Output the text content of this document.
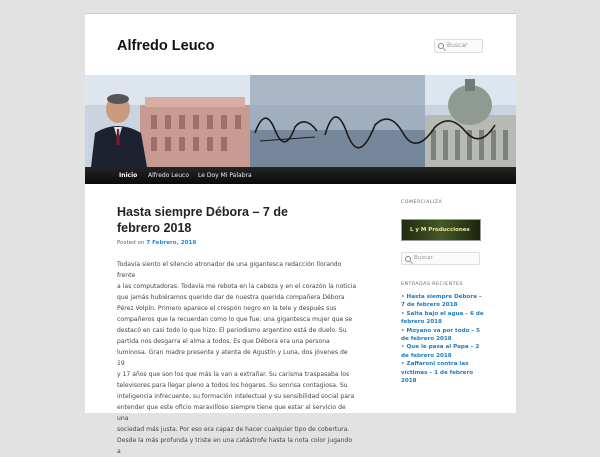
Alfredo Leuco	Buscar
Inicio Alfredo Leuco Le Doy Mi Palabra
Hasta siempre Débora – 7 de
febrero 2018
Posted on 7 Febrero, 2018

Todavía siento el silencio atronador de una gigantesca redacción llorando frente

a las computadoras. Todavía me rebota en la cabeza y en el corazón la noticia

que jamás hubiéramos querido dar de nuestra querida compañera Débora

Pérez Volpin. Primero aparece el crespón negro en la tele y después sus

compañeros que la recuerdan como lo que fue: una gigantesca mujer que se

destacó en casi todo lo que hizo. El periodismo argentino está de duelo. Su

partida nos desgarra el alma a todos. Es que Débora era una persona

luminosa. Gran madre presente y atenta de Agustín y Luna, dos jóvenes de 19

y 17 años que son los que más la van a extrañar. Su carisma traspasaba los

televisores para llegar pleno a todos los hogares. Su sonrisa contagiosa. Su

inteligencia infrecuente, su formación intelectual y su sensibilidad social para

entender que este oficio maravilloso siempre tiene que estar al servicio de una

sociedad más justa. Por eso era capaz de hacer cualquier tipo de cobertura.

Desde la más profunda y triste en una catástrofe hasta la nota color jugando a

COMERCIALIZA
L y M Producciones
Buscar
ENTRADAS RECIENTES
• Hasta siempre Débora –
7 de febrero 2018
• Salta bajo el agua – 6 de
febrero 2018
• Moyano va por todo – 5
de febrero 2018
• Que le pasa al Papa – 2
de febrero 2018
• Zaffaroni contra las
víctimas – 1 de febrero
2018
